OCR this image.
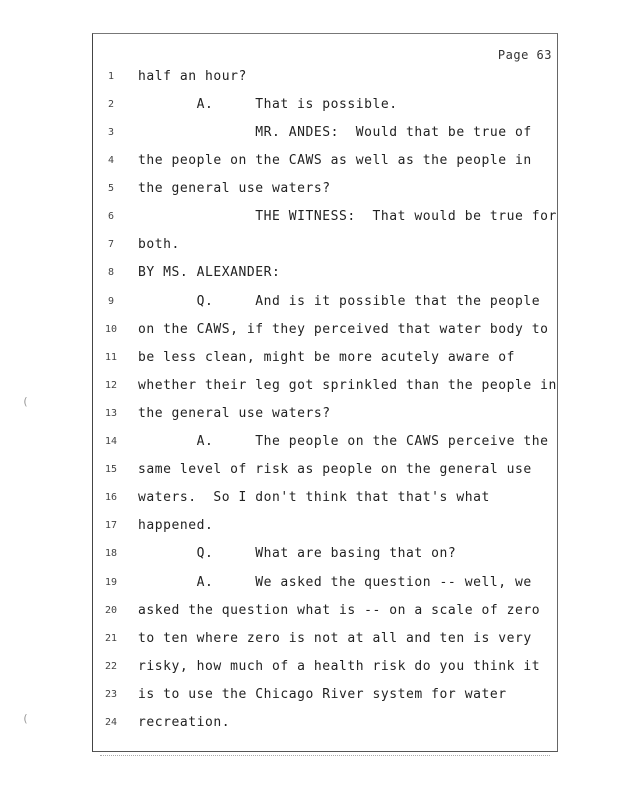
Page 63
1	half an hour?
2	A.     That is possible.
3	MR. ANDES:  Would that be true of
4	the people on the CAWS as well as the people in
5	the general use waters?
6	THE WITNESS:  That would be true for
7	both.
8	BY MS. ALEXANDER:
9	Q.     And is it possible that the people
10	on the CAWS, if they perceived that water body to
11	be less clean, might be more acutely aware of
12	whether their leg got sprinkled than the people in
13	the general use waters?
14	A.     The people on the CAWS perceive the
15	same level of risk as people on the general use
16	waters.  So I don't think that that's what
17	happened.
18	Q.     What are basing that on?
19	A.     We asked the question -- well, we
20	asked the question what is -- on a scale of zero
21	to ten where zero is not at all and ten is very
22	risky, how much of a health risk do you think it
23	is to use the Chicago River system for water
24	recreation.
(
(
